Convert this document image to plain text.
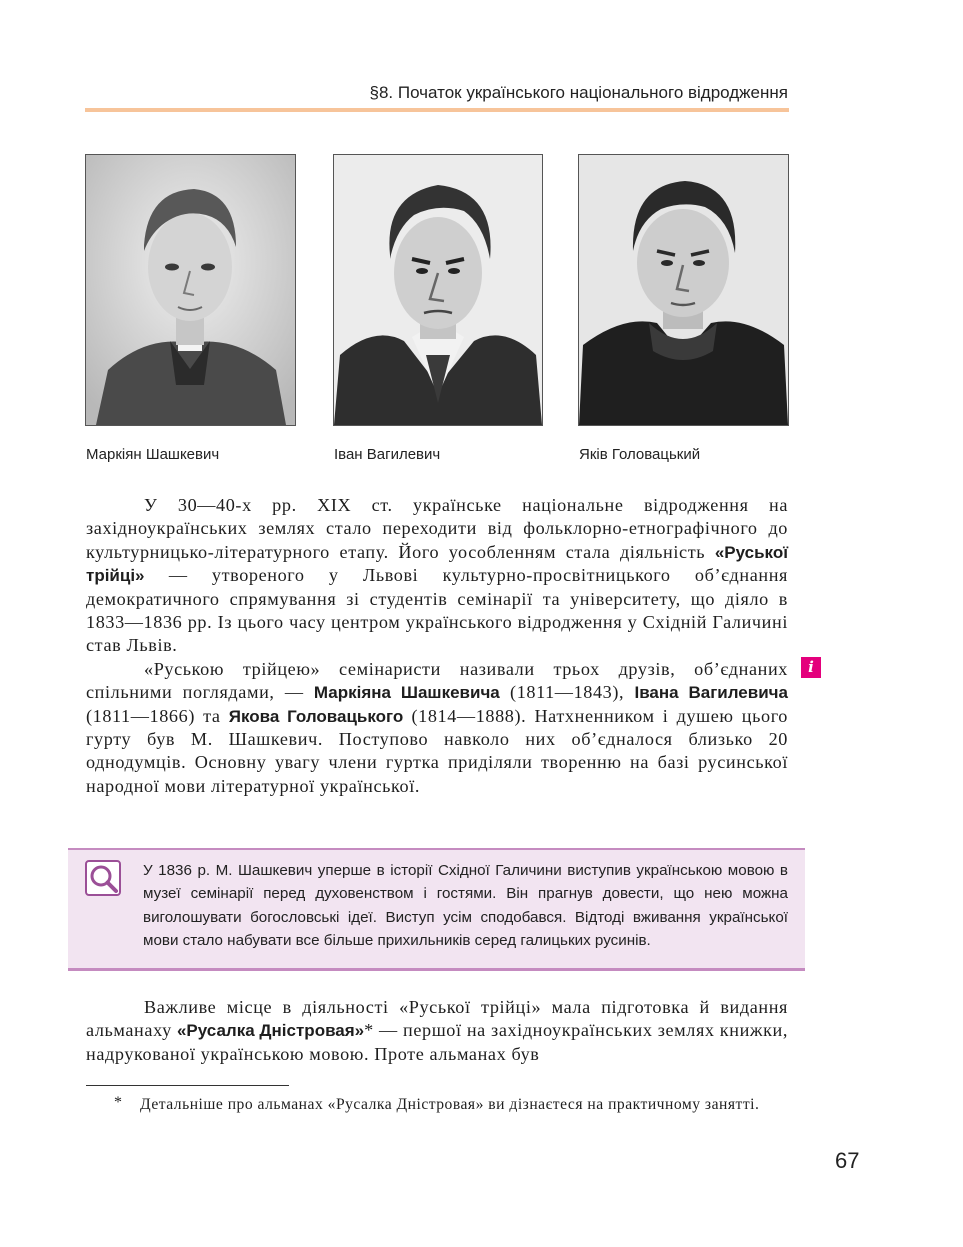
§8. Початок українського національного відродження
Маркіян Шашкевич	Іван Вагилевич	Яків Головацький

У 30—40-х рр. XIX ст. українське національне відродження на західноукраїнських землях стало переходити від фольклорно-етнографічного до культурницько-літературного етапу. Його уособленням стала діяльність «Руської трійці» — утвореного у Львові культурно-просвітницького об’єднання демократичного спрямування зі студентів семінарії та університету, що діяло в 1833—1836 рр. Із цього часу центром українського відродження у Східній Галичині став Львів.

«Руською трійцею» семінаристи називали трьох друзів, об’єднаних спільними поглядами, — Маркіяна Шашкевича (1811—1843), Івана Вагилевича (1811—1866) та Якова Головацького (1814—1888). Натхненником і душею цього гурту був М. Шашкевич. Поступово навколо них об’єдналося близько 20 однодумців. Основну увагу члени гуртка приділяли творенню на базі русинської народної мови літературної української.

i
У 1836 р. М. Шашкевич уперше в історії Східної Галичини виступив українською мовою в музеї семінарії перед духовенством і гостями. Він прагнув довести, що нею можна виголошувати богословські ідеї. Виступ усім сподобався. Відтоді вживання української мови стало набувати все більше прихильників серед галицьких русинів.

Важливе місце в діяльності «Руської трійці» мала підготовка й видання альманаху «Русалка Дністровая»* — першої на західноукраїнських землях книжки, надрукованої українською мовою. Проте альманах був

* Детальніше про альманах «Русалка Дністровая» ви дізнаєтеся на практичному занятті.
67
